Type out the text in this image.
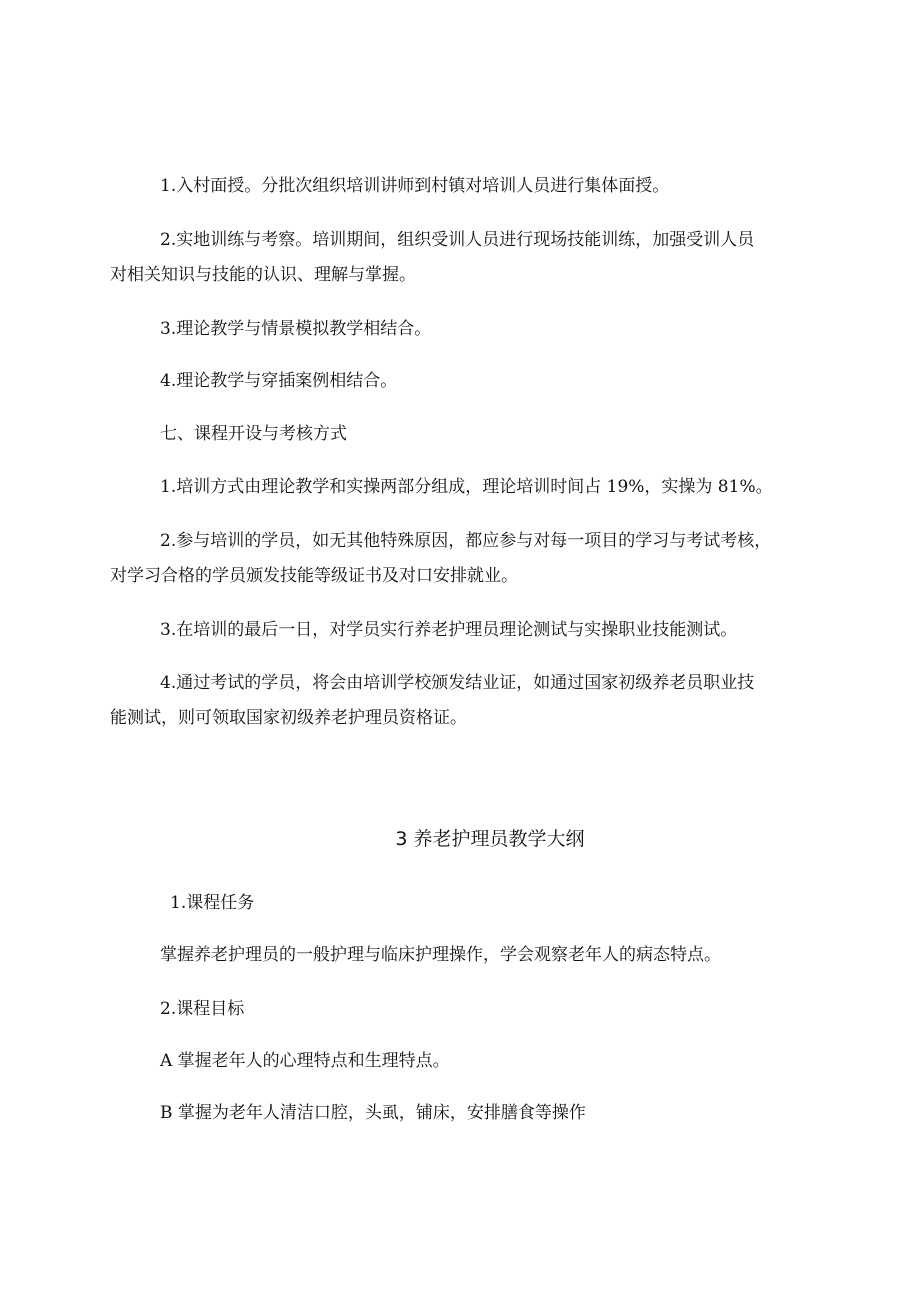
1.入村面授。分批次组织培训讲师到村镇对培训人员进行集体面授。
2.实地训练与考察。培训期间，组织受训人员进行现场技能训练，加强受训人员
对相关知识与技能的认识、理解与掌握。
3.理论教学与情景模拟教学相结合。
4.理论教学与穿插案例相结合。
七、课程开设与考核方式
1.培训方式由理论教学和实操两部分组成，理论培训时间占 19%，实操为 81%。
2.参与培训的学员，如无其他特殊原因，都应参与对每一项目的学习与考试考核，
对学习合格的学员颁发技能等级证书及对口安排就业。
3.在培训的最后一日，对学员实行养老护理员理论测试与实操职业技能测试。
4.通过考试的学员，将会由培训学校颁发结业证，如通过国家初级养老员职业技
能测试，则可领取国家初级养老护理员资格证。
3 养老护理员教学大纲
1.课程任务
掌握养老护理员的一般护理与临床护理操作，学会观察老年人的病态特点。
2.课程目标
A 掌握老年人的心理特点和生理特点。
B 掌握为老年人清洁口腔，头虱，铺床，安排膳食等操作
